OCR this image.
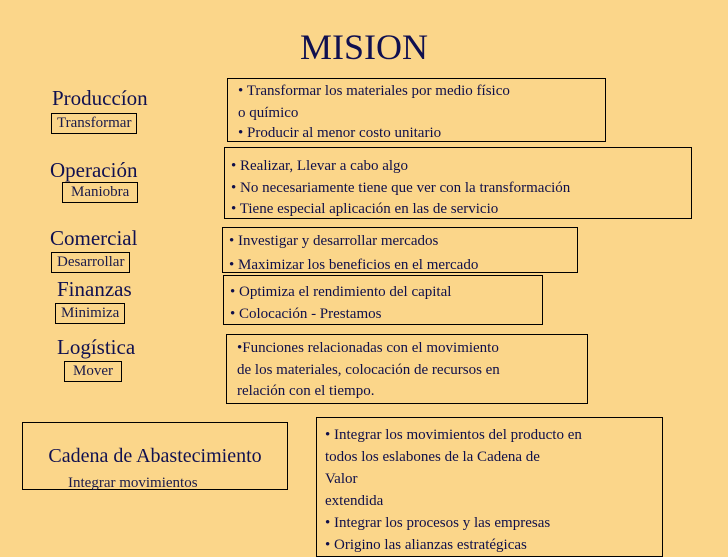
MISION
Produccíon
Transformar
• Transformar los materiales por medio físico
o químico
• Producir al menor costo unitario
Operación
Maniobra
• Realizar, Llevar a cabo algo
• No necesariamente tiene que ver con la transformación
• Tiene especial aplicación en las de servicio
Comercial
Desarrollar
• Investigar y desarrollar mercados
• Maximizar los beneficios en el mercado
Finanzas
Minimiza
• Optimiza el rendimiento del capital
• Colocación - Prestamos
Logística
Mover
•Funciones relacionadas con el movimiento
de los materiales, colocación de recursos en
relación con el tiempo.
Cadena de Abastecimiento
Integrar movimientos
• Integrar los movimientos del producto en
todos los eslabones de la Cadena de
Valor
extendida
• Integrar los procesos y las empresas
• Origino las alianzas estratégicas
